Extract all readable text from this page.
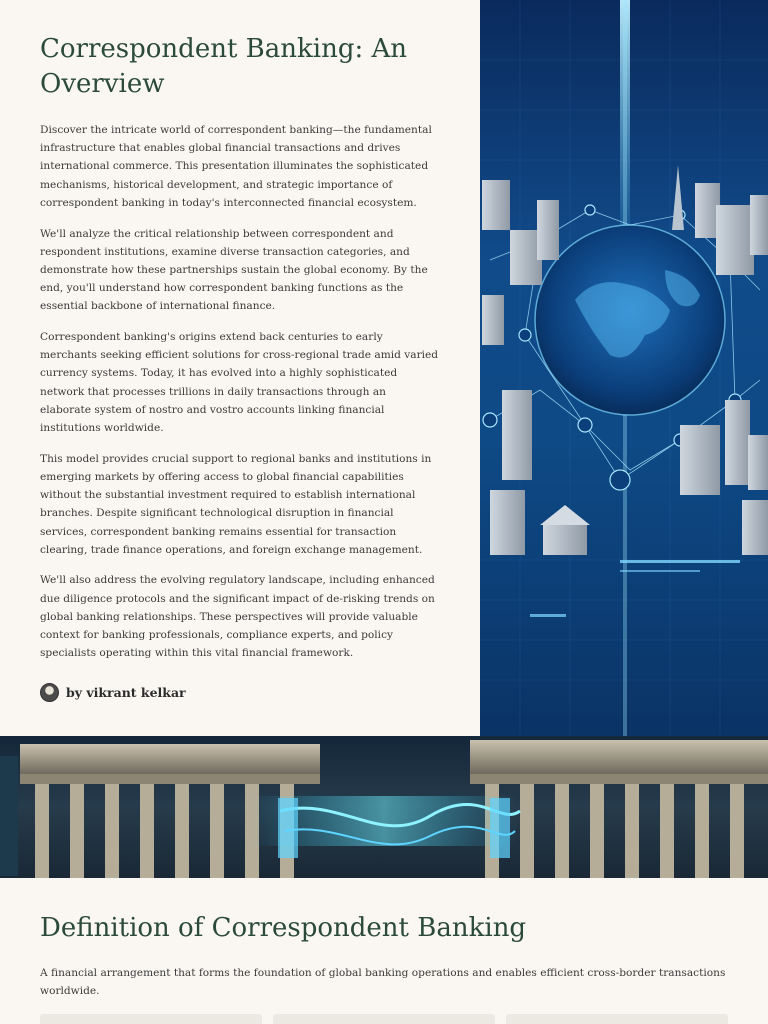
Correspondent Banking: An Overview

Discover the intricate world of correspondent banking—the fundamental infrastructure that enables global financial transactions and drives international commerce. This presentation illuminates the sophisticated mechanisms, historical development, and strategic importance of correspondent banking in today's interconnected financial ecosystem.

We'll analyze the critical relationship between correspondent and respondent institutions, examine diverse transaction categories, and demonstrate how these partnerships sustain the global economy. By the end, you'll understand how correspondent banking functions as the essential backbone of international finance.

Correspondent banking's origins extend back centuries to early merchants seeking efficient solutions for cross-regional trade amid varied currency systems. Today, it has evolved into a highly sophisticated network that processes trillions in daily transactions through an elaborate system of nostro and vostro accounts linking financial institutions worldwide.

This model provides crucial support to regional banks and institutions in emerging markets by offering access to global financial capabilities without the substantial investment required to establish international branches. Despite significant technological disruption in financial services, correspondent banking remains essential for transaction clearing, trade finance operations, and foreign exchange management.

We'll also address the evolving regulatory landscape, including enhanced due diligence protocols and the significant impact of de-risking trends on global banking relationships. These perspectives will provide valuable context for banking professionals, compliance experts, and policy specialists operating within this vital financial framework.

by vikrant kelkar
Definition of Correspondent Banking

A financial arrangement that forms the foundation of global banking operations and enables efficient cross-border transactions worldwide.
